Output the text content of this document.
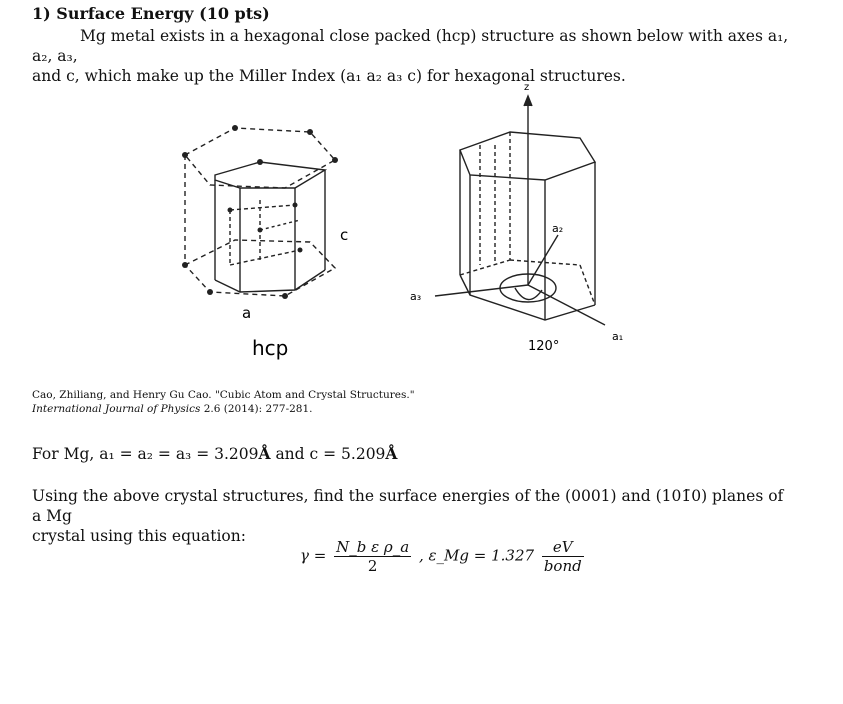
1) Surface Energy (10 pts)
Mg metal exists in a hexagonal close packed (hcp) structure as shown below with axes a₁, a₂, a₃,
and c, which make up the Miller Index (a₁ a₂ a₃ c) for hexagonal structures.
a
c
hcp
z
a₁
a₂
a₃
120°
Cao, Zhiliang, and Henry Gu Cao. "Cubic Atom and Crystal Structures." International Journal of Physics 2.6 (2014): 277-281.
For Mg, a₁ = a₂ = a₃ = 3.209Å and c = 5.209Å
Using the above crystal structures, find the surface energies of the (0001) and (101̄0) planes of a Mg
crystal using this equation:
$\gamma = \frac{\text{N\_b ε ρ\_a}}{2}$ , ε_Mg = $1.327 \frac{eV}{\text{bond}}$
